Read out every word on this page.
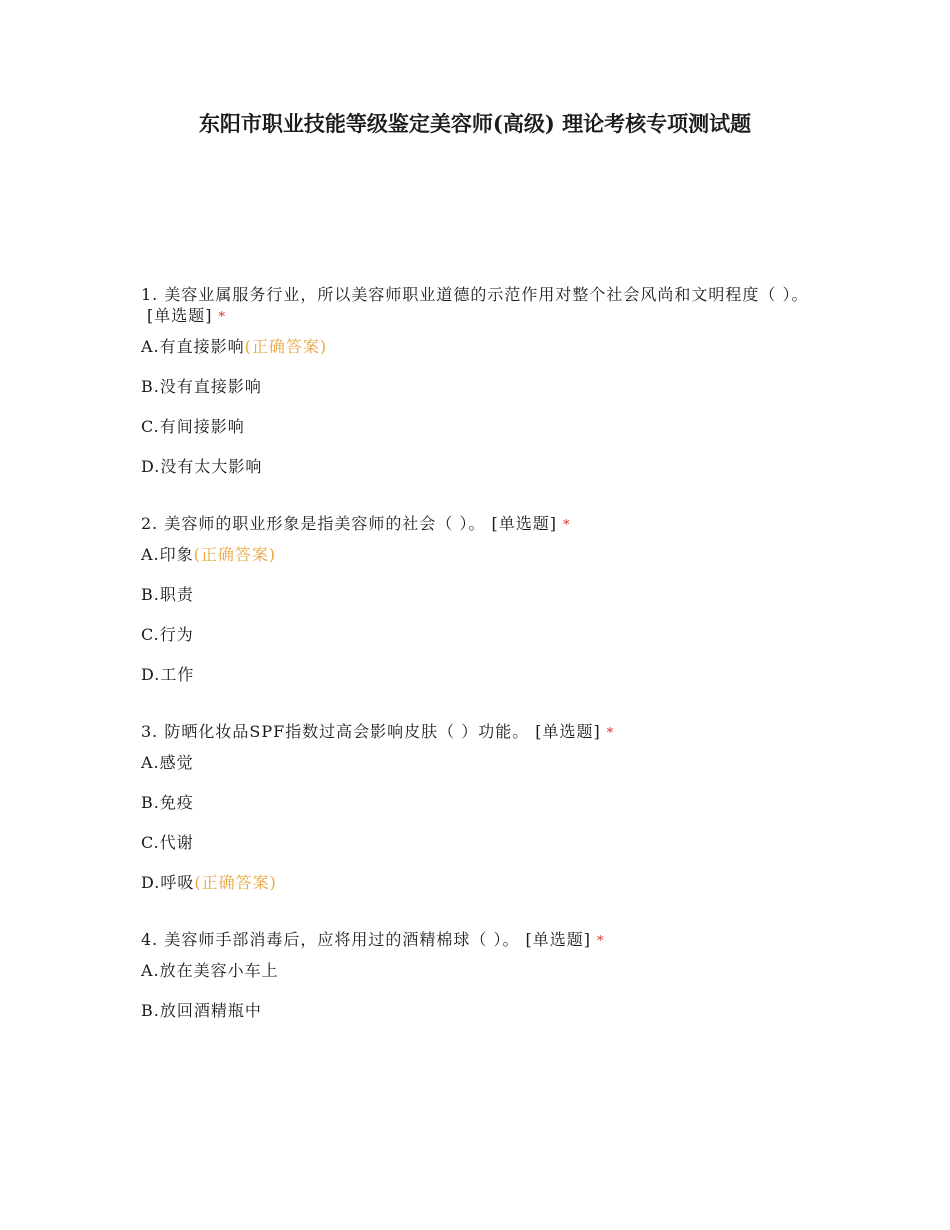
东阳市职业技能等级鉴定美容师(高级) 理论考核专项测试题

1. 美容业属服务行业，所以美容师职业道德的示范作用对整个社会风尚和文明程度（ ）。[单选题] *

A.有直接影响(正确答案)

B.没有直接影响

C.有间接影响

D.没有太大影响

2. 美容师的职业形象是指美容师的社会（ ）。 [单选题] *

A.印象(正确答案)

B.职责

C.行为

D.工作

3. 防晒化妆品SPF指数过高会影响皮肤（ ）功能。 [单选题] *

A.感觉

B.免疫

C.代谢

D.呼吸(正确答案)

4. 美容师手部消毒后，应将用过的酒精棉球（ ）。 [单选题] *

A.放在美容小车上

B.放回酒精瓶中
